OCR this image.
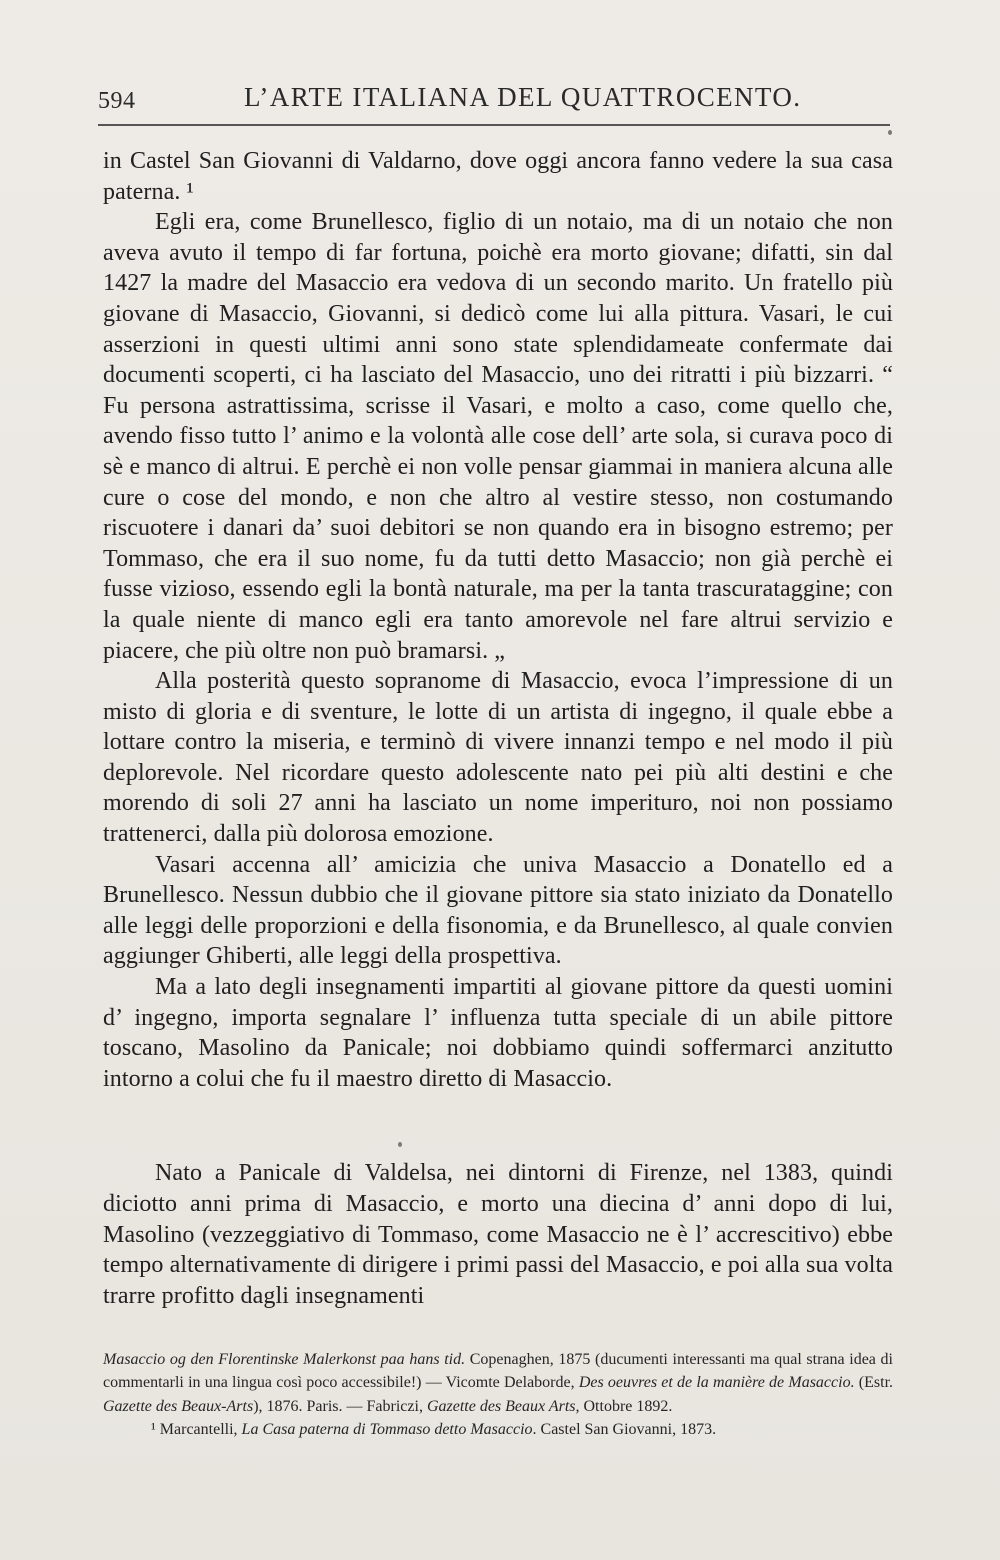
594	L’ARTE ITALIANA DEL QUATTROCENTO.

in Castel San Giovanni di Valdarno, dove oggi ancora fanno vedere la sua casa paterna. ¹

Egli era, come Brunellesco, figlio di un notaio, ma di un notaio che non aveva avuto il tempo di far fortuna, poichè era morto giovane; difatti, sin dal 1427 la madre del Masaccio era vedova di un secondo marito. Un fratello più giovane di Masaccio, Giovanni, si dedicò come lui alla pittura. Vasari, le cui asserzioni in questi ultimi anni sono state splendidameate confermate dai documenti scoperti, ci ha lasciato del Masaccio, uno dei ritratti i più bizzarri. “ Fu persona astrattissima, scrisse il Vasari, e molto a caso, come quello che, avendo fisso tutto l’ animo e la volontà alle cose dell’ arte sola, si curava poco di sè e manco di altrui. E perchè ei non volle pensar giammai in maniera alcuna alle cure o cose del mondo, e non che altro al vestire stesso, non costumando riscuotere i danari da’ suoi debitori se non quando era in bisogno estremo; per Tommaso, che era il suo nome, fu da tutti detto Masaccio; non già perchè ei fusse vizioso, essendo egli la bontà naturale, ma per la tanta trascurataggine; con la quale niente di manco egli era tanto amorevole nel fare altrui servizio e piacere, che più oltre non può bramarsi. „

Alla posterità questo sopranome di Masaccio, evoca l’impressione di un misto di gloria e di sventure, le lotte di un artista di ingegno, il quale ebbe a lottare contro la miseria, e terminò di vivere innanzi tempo e nel modo il più deplorevole. Nel ricordare questo adolescente nato pei più alti destini e che morendo di soli 27 anni ha lasciato un nome imperituro, noi non possiamo trattenerci, dalla più dolorosa emozione.

Vasari accenna all’ amicizia che univa Masaccio a Donatello ed a Brunellesco. Nessun dubbio che il giovane pittore sia stato iniziato da Donatello alle leggi delle proporzioni e della fisonomia, e da Brunellesco, al quale convien aggiunger Ghiberti, alle leggi della prospettiva.

Ma a lato degli insegnamenti impartiti al giovane pittore da questi uomini d’ ingegno, importa segnalare l’ influenza tutta speciale di un abile pittore toscano, Masolino da Panicale; noi dobbiamo quindi soffermarci anzitutto intorno a colui che fu il maestro diretto di Masaccio.

Nato a Panicale di Valdelsa, nei dintorni di Firenze, nel 1383, quindi diciotto anni prima di Masaccio, e morto una diecina d’ anni dopo di lui, Masolino (vezzeggiativo di Tommaso, come Masaccio ne è l’ accrescitivo) ebbe tempo alternativamente di dirigere i primi passi del Masaccio, e poi alla sua volta trarre profitto dagli insegnamenti

Masaccio og den Florentinske Malerkonst paa hans tid. Copenaghen, 1875 (ducumenti interessanti ma qual strana idea di commentarli in una lingua così poco accessibile!) — Vicomte Delaborde, Des oeuvres et de la manière de Masaccio. (Estr. Gazette des Beaux-Arts), 1876. Paris. — Fabriczi, Gazette des Beaux Arts, Ottobre 1892.

¹ Marcantelli, La Casa paterna di Tommaso detto Masaccio. Castel San Giovanni, 1873.
